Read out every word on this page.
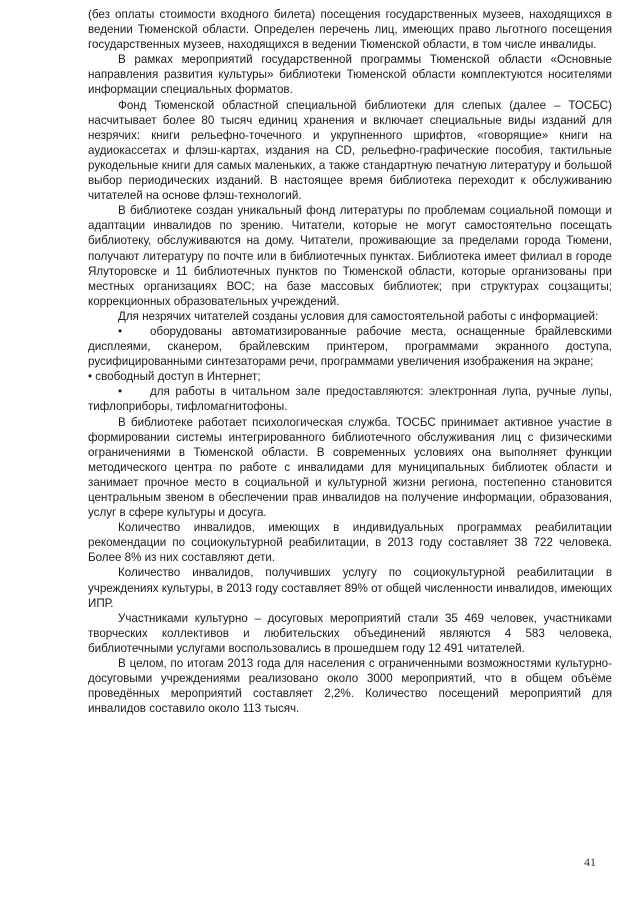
(без оплаты стоимости входного билета) посещения государственных музеев, находящихся в ведении Тюменской области. Определен перечень лиц, имеющих право льготного посещения государственных музеев, находящихся в ведении Тюменской области, в том числе инвалиды.

В рамках мероприятий государственной программы Тюменской области «Основные направления развития культуры» библиотеки Тюменской области комплектуются носителями информации специальных форматов.

Фонд Тюменской областной специальной библиотеки для слепых (далее – ТОСБС) насчитывает более 80 тысяч единиц хранения и включает специальные виды изданий для незрячих: книги рельефно-точечного и укрупненного шрифтов, «говорящие» книги на аудиокассетах и флэш-картах, издания на CD, рельефно-графические пособия, тактильные рукодельные книги для самых маленьких, а также стандартную печатную литературу и большой выбор периодических изданий. В настоящее время библиотека переходит к обслуживанию читателей на основе флэш-технологий.

В библиотеке создан уникальный фонд литературы по проблемам социальной помощи и адаптации инвалидов по зрению. Читатели, которые не могут самостоятельно посещать библиотеку, обслуживаются на дому. Читатели, проживающие за пределами города Тюмени, получают литературу по почте или в библиотечных пунктах. Библиотека имеет филиал в городе Ялуторовске и 11 библиотечных пунктов по Тюменской области, которые организованы при местных организациях ВОС; на базе массовых библиотек; при структурах соцзащиты; коррекционных образовательных учреждений.

Для незрячих читателей созданы условия для самостоятельной работы с информацией:

• оборудованы автоматизированные рабочие места, оснащенные брайлевскими дисплеями, сканером, брайлевским принтером, программами экранного доступа, русифицированными синтезаторами речи, программами увеличения изображения на экране;

• свободный доступ в Интернет;

• для работы в читальном зале предоставляются: электронная лупа, ручные лупы, тифлоприборы, тифломагнитофоны.

В библиотеке работает психологическая служба. ТОСБС принимает активное участие в формировании системы интегрированного библиотечного обслуживания лиц с физическими ограничениями в Тюменской области. В современных условиях она выполняет функции методического центра по работе с инвалидами для муниципальных библиотек области и занимает прочное место в социальной и культурной жизни региона, постепенно становится центральным звеном в обеспечении прав инвалидов на получение информации, образования, услуг в сфере культуры и досуга.

Количество инвалидов, имеющих в индивидуальных программах реабилитации рекомендации по социокультурной реабилитации, в 2013 году составляет 38 722 человека. Более 8% из них составляют дети.

Количество инвалидов, получивших услугу по социокультурной реабилитации в учреждениях культуры, в 2013 году составляет 89% от общей численности инвалидов, имеющих ИПР.

Участниками культурно – досуговых мероприятий стали 35 469 человек, участниками творческих коллективов и любительских объединений являются 4 583 человека, библиотечными услугами воспользовались в прошедшем году 12 491 читателей.

В целом, по итогам 2013 года для населения с ограниченными возможностями культурно-досуговыми учреждениями реализовано около 3000 мероприятий, что в общем объёме проведённых мероприятий составляет 2,2%. Количество посещений мероприятий для инвалидов составило около 113 тысяч.

41
